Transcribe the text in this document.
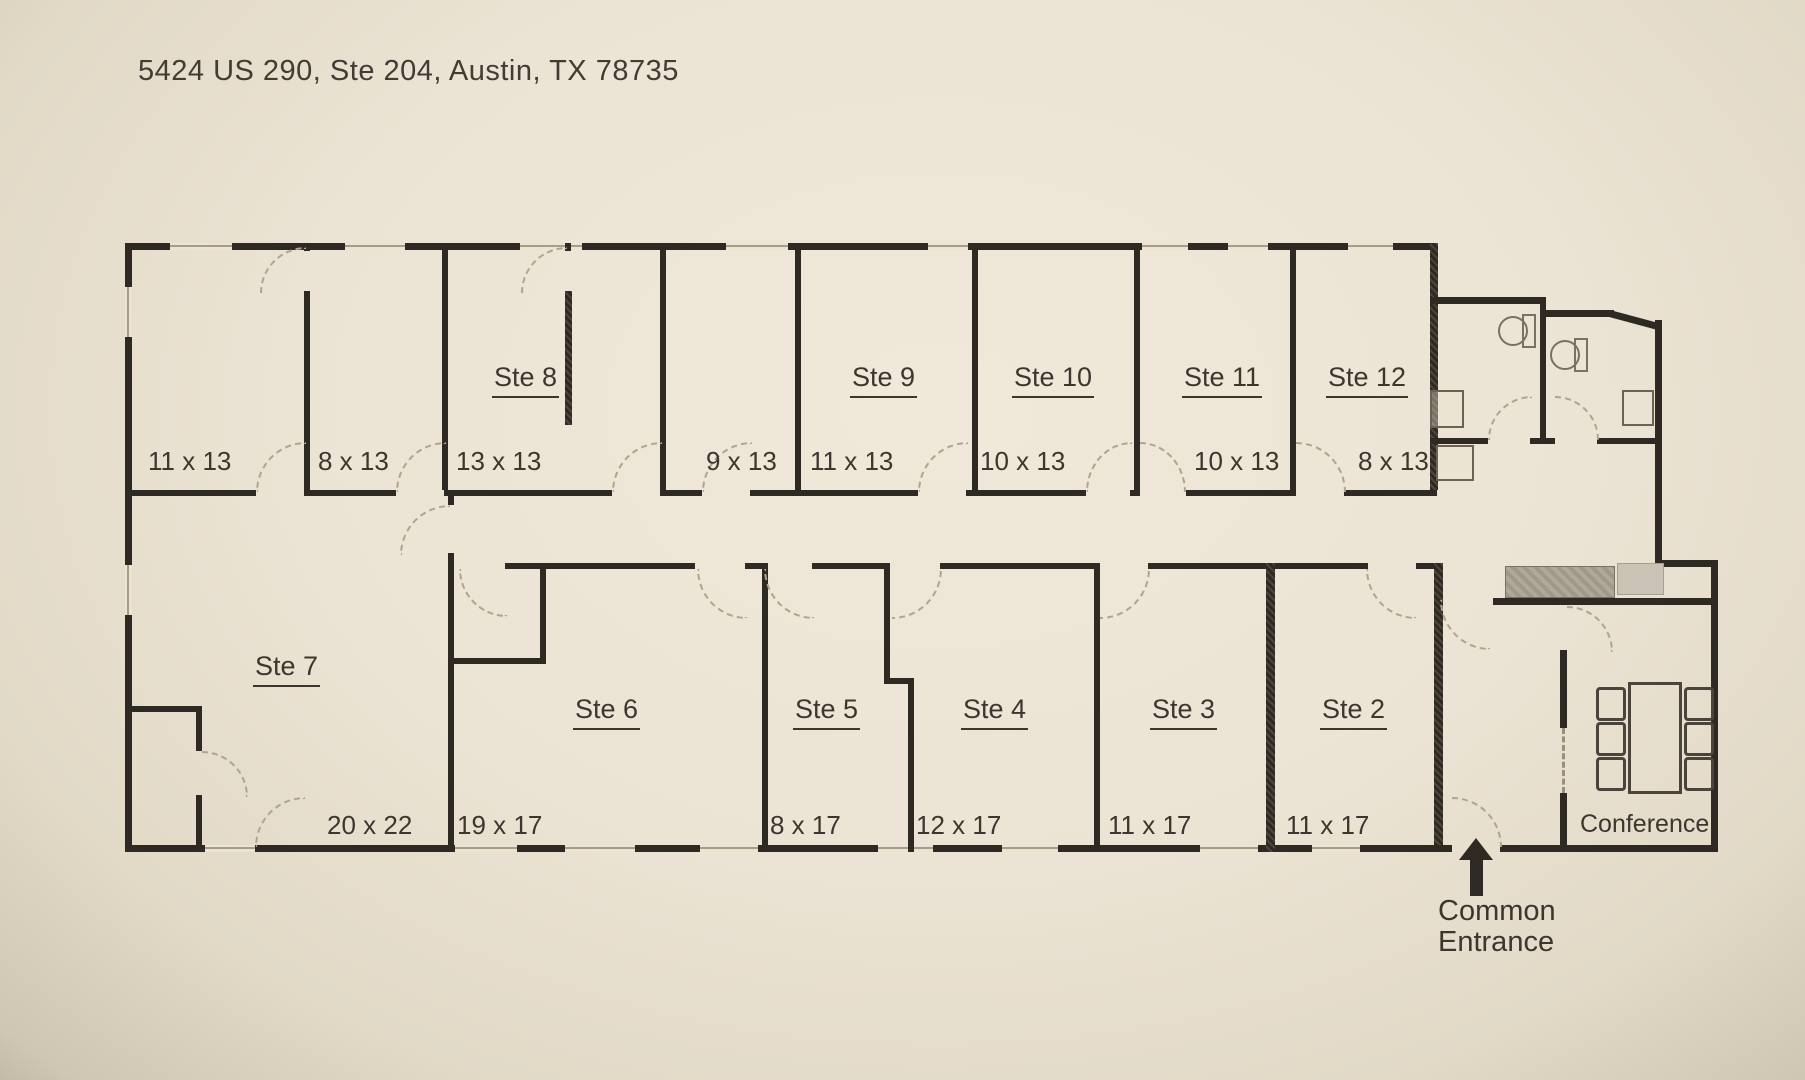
5424 US 290, Ste 204, Austin, TX 78735
Conference
Ste 8	Ste 9	Ste 10	Ste 11	Ste 12
11 x 13	8 x 13	13 x 13	9 x 13 11 x 13	10 x 13	10 x 13	8 x 13
Ste 7
Ste 6	Ste 5	Ste 4	Ste 3	Ste 2
20 x 22 19 x 17	8 x 17	12 x 17	11 x 17	11 x 17
Common
Entrance
